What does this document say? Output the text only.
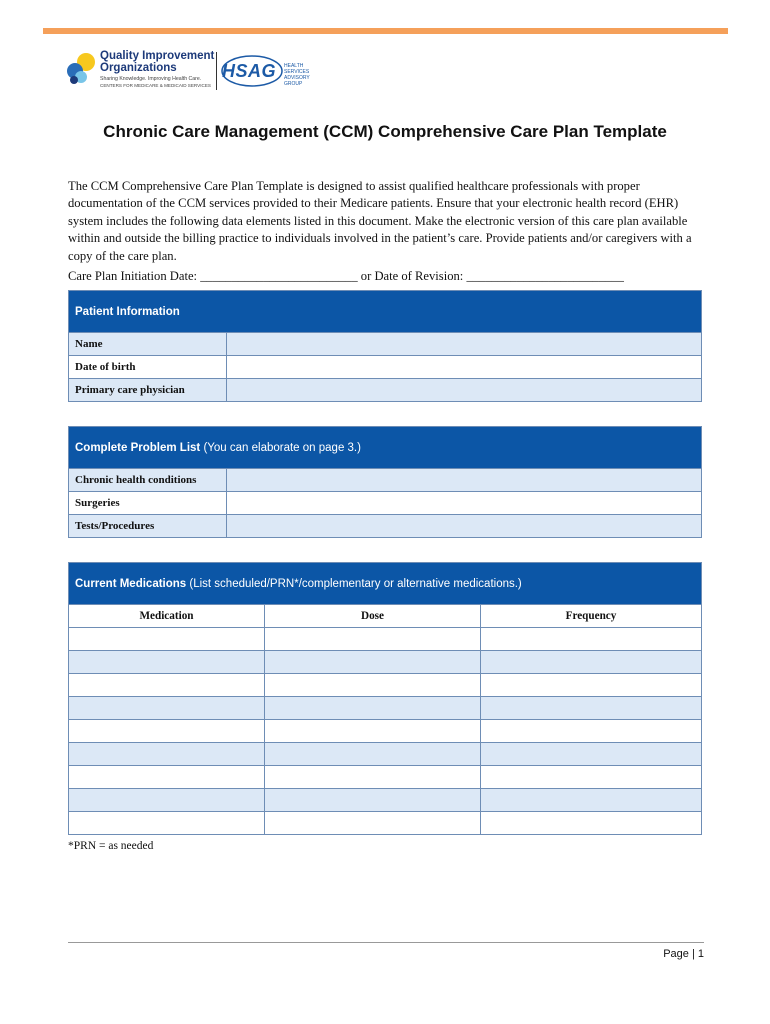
Quality Improvement Organizations
Sharing Knowledge. Improving Health Care.
CENTERS FOR MEDICARE & MEDICAID SERVICES
HSAG HEALTH SERVICES ADVISORY GROUP
Chronic Care Management (CCM) Comprehensive Care Plan Template

The CCM Comprehensive Care Plan Template is designed to assist qualified healthcare professionals with proper documentation of the CCM services provided to their Medicare patients. Ensure that your electronic health record (EHR) system includes the following data elements listed in this document. Make the electronic version of this care plan available within and outside the billing practice to individuals involved in the patient’s care. Provide patients and/or caregivers with a copy of the care plan.

Care Plan Initiation Date: _________________________ or Date of Revision: _________________________

Patient Information	
Name	
Date of birth	
Primary care physician	
Complete Problem List (You can elaborate on page 3.)	
Chronic health conditions	
Surgeries	
Tests/Procedures	
Current Medications (List scheduled/PRN*/complementary or alternative medications.)		
Medication	Dose	Frequency

*PRN = as needed

Page | 1
